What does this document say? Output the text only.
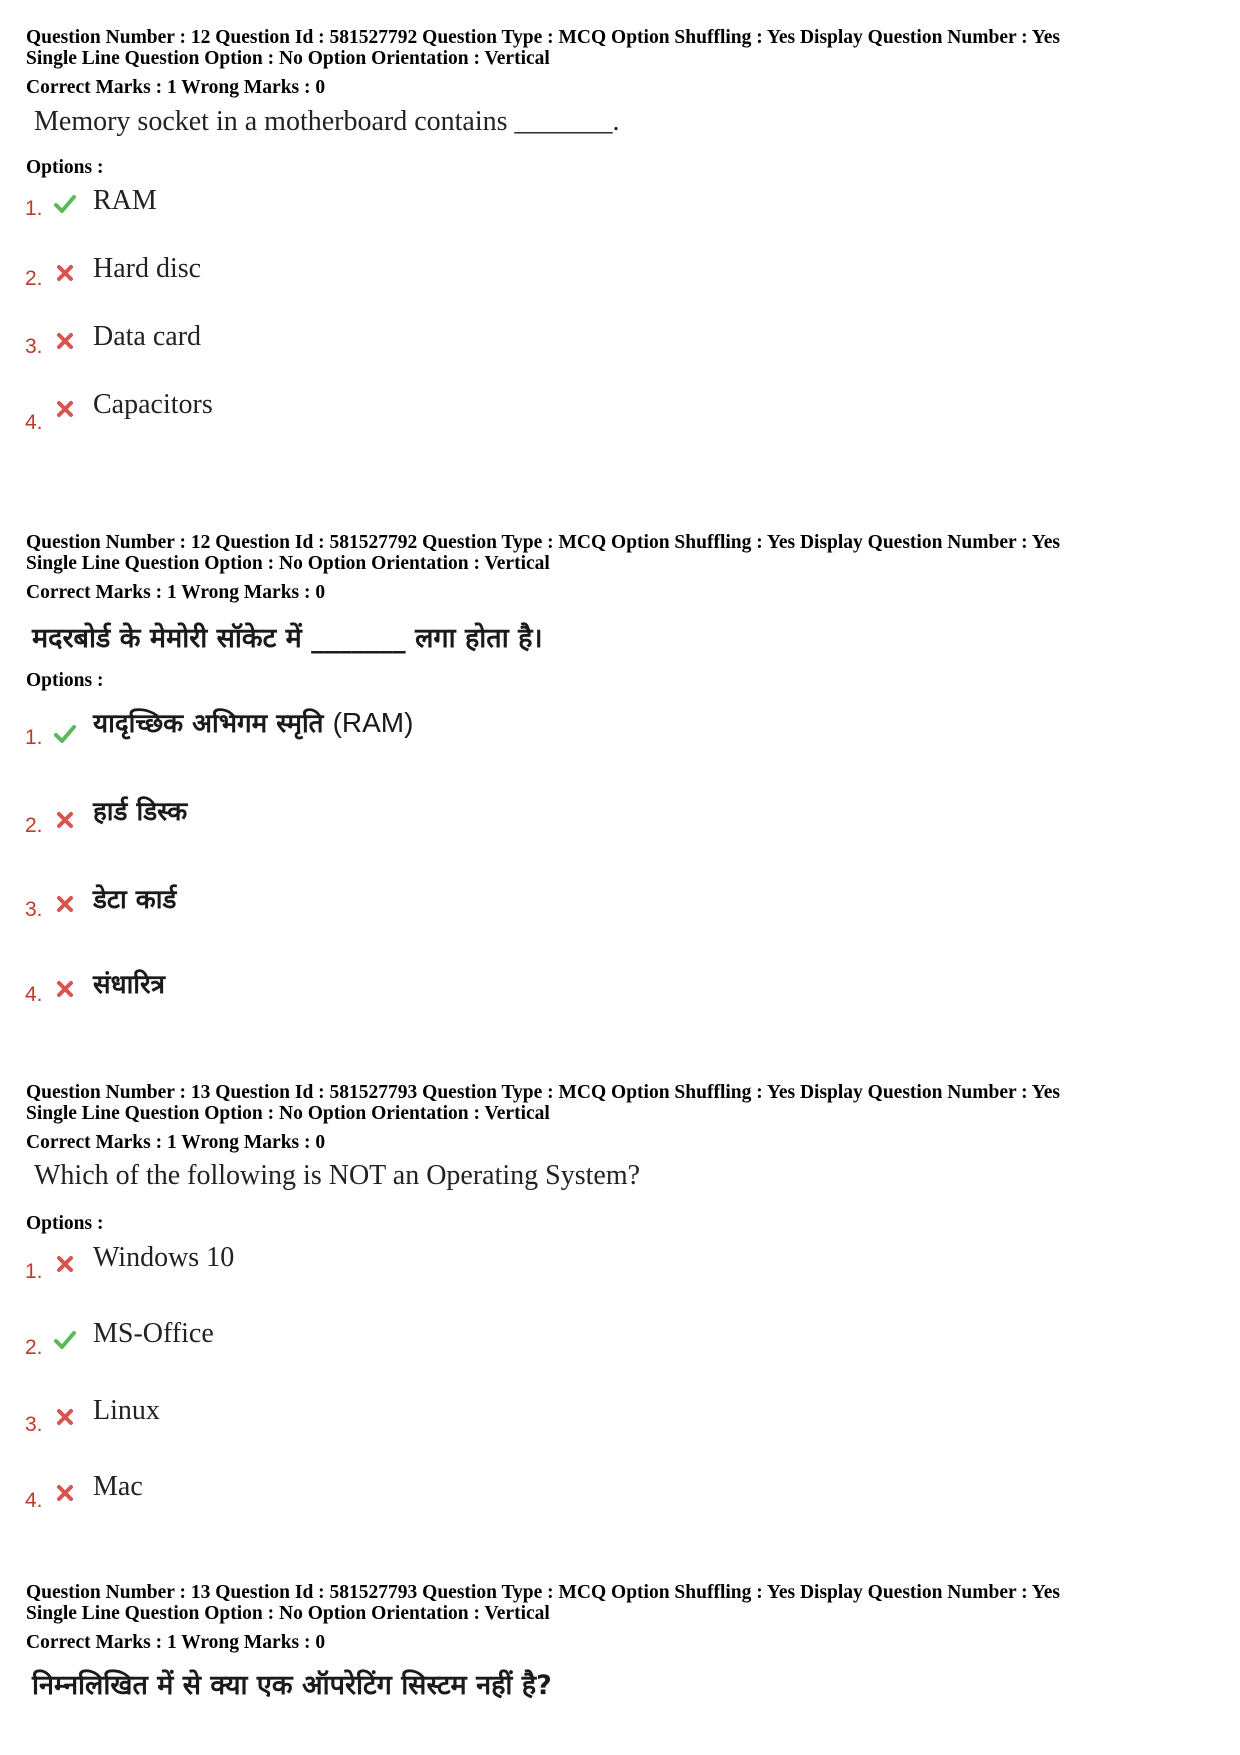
Question Number : 12 Question Id : 581527792 Question Type : MCQ Option Shuffling : Yes Display Question Number : Yes
Single Line Question Option : No Option Orientation : Vertical
Correct Marks : 1 Wrong Marks : 0
Memory socket in a motherboard contains _______.
Options :
1. RAM
2. Hard disc
3. Data card
4.
Capacitors
Question Number : 12 Question Id : 581527792 Question Type : MCQ Option Shuffling : Yes Display Question Number : Yes
Single Line Question Option : No Option Orientation : Vertical
Correct Marks : 1 Wrong Marks : 0
मदरबोर्ड के मेमोरी सॉकेट में _______ लगा होता है।
Options :
1. यादृच्छिक अभिगम स्मृति (RAM)
2. हार्ड डिस्क
3. डेटा कार्ड
4. संधारित्र
Question Number : 13 Question Id : 581527793 Question Type : MCQ Option Shuffling : Yes Display Question Number : Yes
Single Line Question Option : No Option Orientation : Vertical
Correct Marks : 1 Wrong Marks : 0
Which of the following is NOT an Operating System?
Options :
1. Windows 10
2. MS-Office
3. Linux
4. Mac
Question Number : 13 Question Id : 581527793 Question Type : MCQ Option Shuffling : Yes Display Question Number : Yes
Single Line Question Option : No Option Orientation : Vertical
Correct Marks : 1 Wrong Marks : 0
निम्नलिखित में से क्या एक ऑपरेटिंग सिस्टम नहीं है?
